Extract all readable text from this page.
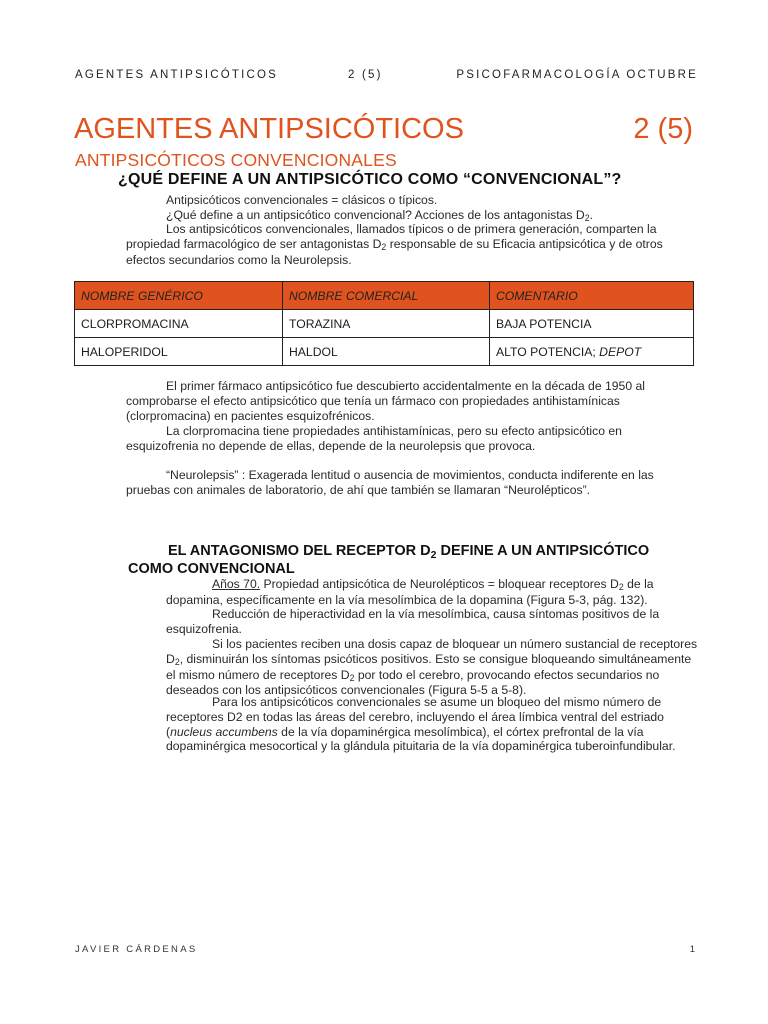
AGENTES ANTIPSICÓTICOS	2 (5)	PSICOFARMACOLOGÍA OCTUBRE
AGENTES ANTIPSICÓTICOS	2 (5)
ANTIPSICÓTICOS CONVENCIONALES
¿QUÉ DEFINE A UN ANTIPSICÓTICO COMO “CONVENCIONAL”?
Antipsicóticos convencionales = clásicos o típicos.
¿Qué define a un antipsicótico convencional? Acciones de los antagonistas $D_2$.
Los antipsicóticos convencionales, llamados típicos o de primera generación, comparten la propiedad farmacológico de ser antagonistas $D_2$ responsable de su Eficacia antipsicótica y de otros efectos secundarios como la Neurolepsis.
NOMBRE GENÉRICO	NOMBRE COMERCIAL	COMENTARIO
CLORPROMACINA	TORAZINA	BAJA POTENCIA
HALOPERIDOL	HALDOL	ALTO POTENCIA; DEPOT
El primer fármaco antipsicótico fue descubierto accidentalmente en la década de 1950 al comprobarse el efecto antipsicótico que tenía un fármaco con propiedades antihistamínicas (clorpromacina) en pacientes esquizofrénicos.
La clorpromacina tiene propiedades antihistamínicas, pero su efecto antipsicótico en esquizofrenia no depende de ellas, depende de la neurolepsis que provoca.
“Neurolepsis” : Exagerada lentitud o ausencia de movimientos, conducta indiferente en las pruebas con animales de laboratorio, de ahí que también se llamaran “Neurolépticos”.
EL ANTAGONISMO DEL RECEPTOR $D_2$ DEFINE A UN ANTIPSICÓTICO
COMO CONVENCIONAL
Años 70. Propiedad antipsicótica de Neurolépticos = bloquear receptores $D_2$ de la dopamina, específicamente en la vía mesolímbica de la dopamina (Figura 5-3, pág. 132).
Reducción de hiperactividad en la vía mesolímbica, causa síntomas positivos de la esquizofrenia.
Si los pacientes reciben una dosis capaz de bloquear un número sustancial de receptores $D_2$, disminuirán los síntomas psicóticos positivos. Esto se consigue bloqueando simultáneamente el mismo número de receptores $D_2$ por todo el cerebro, provocando efectos secundarios no deseados con los antipsicóticos convencionales (Figura 5-5 a 5-8).
Para los antipsicóticos convencionales se asume un bloqueo del mismo número de receptores D2 en todas las áreas del cerebro, incluyendo el área límbica ventral del estriado (nucleus accumbens de la vía dopaminérgica mesolímbica), el córtex prefrontal de la vía dopaminérgica mesocortical y la glándula pituitaria de la vía dopaminérgica tuberoinfundibular.
JAVIER CÁRDENAS	1
